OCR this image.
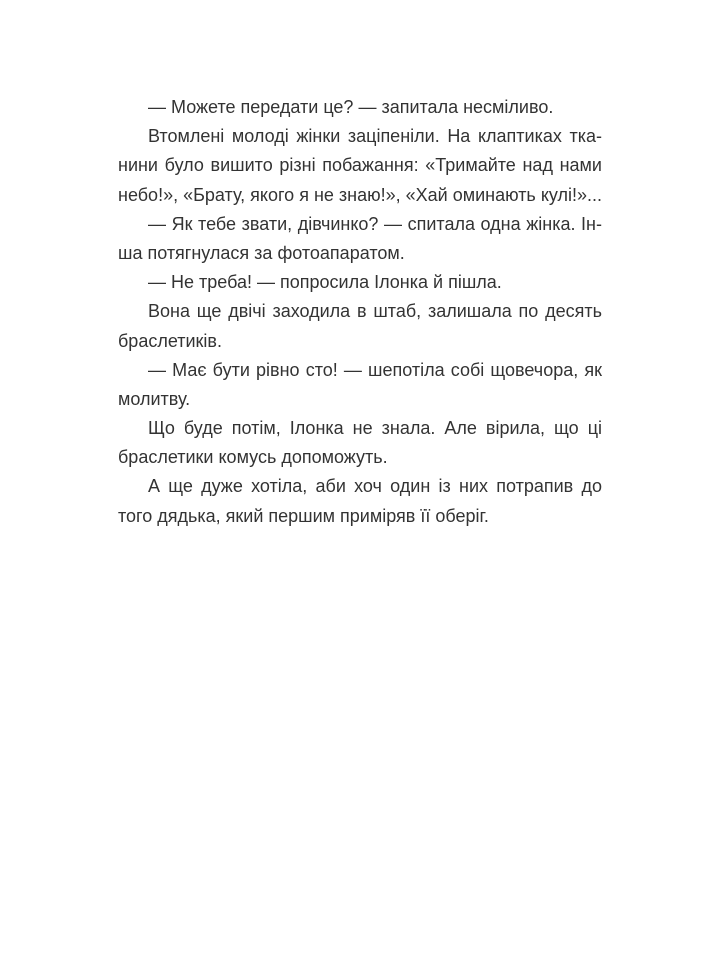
— Можете передати це? — запитала несміливо.
Втомлені молоді жінки заціпеніли. На клаптиках тка-
нини було вишито різні побажання: «Тримайте над нами
небо!», «Брату, якого я не знаю!», «Хай оминають кулі!»...
— Як тебе звати, дівчинко? — спитала одна жінка. Ін-
ша потягнулася за фотоапаратом.
— Не треба! — попросила Ілонка й пішла.
Вона ще двічі заходила в штаб, залишала по десять
браслетиків.
— Має бути рівно сто! — шепотіла собі щовечора, як
молитву.
Що буде потім, Ілонка не знала. Але вірила, що ці
браслетики комусь допоможуть.
А ще дуже хотіла, аби хоч один із них потрапив до
того дядька, який першим приміряв її оберіг.
